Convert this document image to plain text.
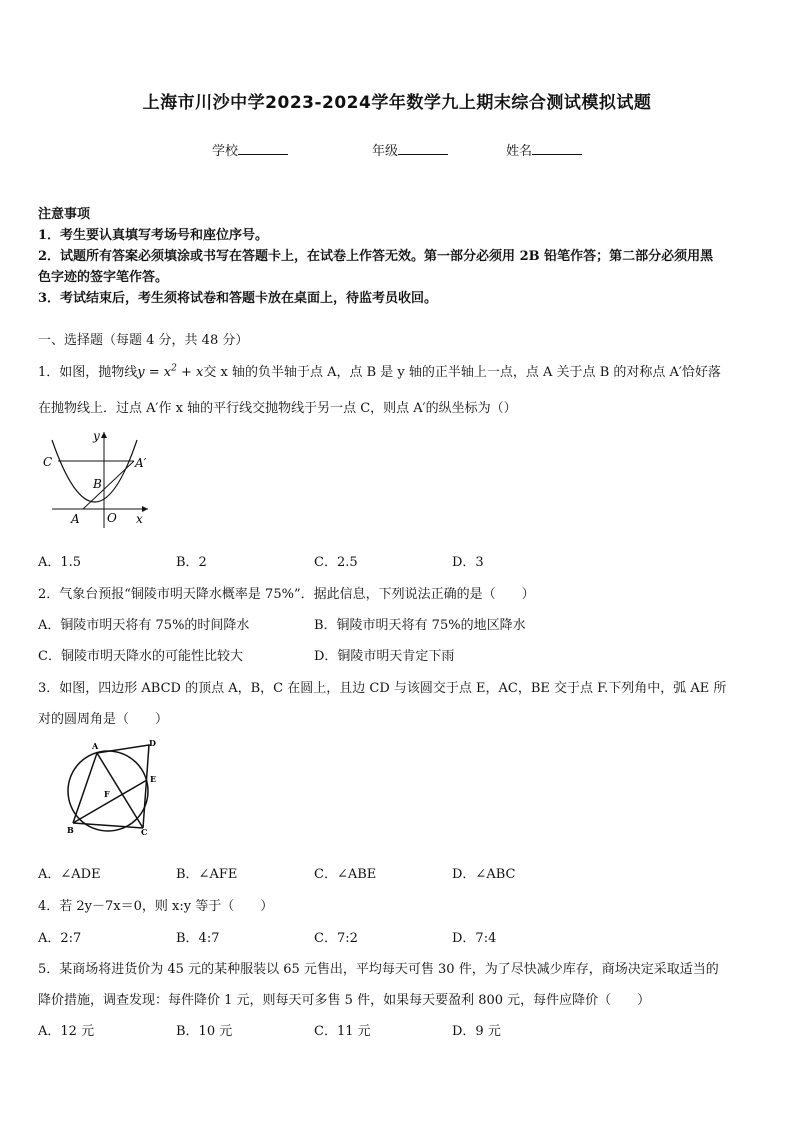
上海市川沙中学2023-2024学年数学九上期末综合测试模拟试题
学校	年级	姓名
注意事项
1．考生要认真填写考场号和座位序号。
2．试题所有答案必须填涂或书写在答题卡上，在试卷上作答无效。第一部分必须用 2B 铅笔作答；第二部分必须用黑
色字迹的签字笔作答。
3．考试结束后，考生须将试卷和答题卡放在桌面上，待监考员收回。
一、选择题（每题 4 分，共 48 分）
1．如图，抛物线$y = x^2 + x$交 x 轴的负半轴于点 A，点 B 是 y 轴的正半轴上一点，点 A 关于点 B 的对称点 A′恰好落
在抛物线上．过点 A′作 x 轴的平行线交抛物线于另一点 C，则点 A′的纵坐标为（）
y
x
C	A′
B
A O
A．1.5	B．2	C．2.5	D．3
2．气象台预报“铜陵市明天降水概率是 75%”．据此信息，下列说法正确的是（　　）
A．铜陵市明天将有 75%的时间降水	B．铜陵市明天将有 75%的地区降水
C．铜陵市明天降水的可能性比较大	D．铜陵市明天肯定下雨
3．如图，四边形 ABCD 的顶点 A，B，C 在圆上，且边 CD 与该圆交于点 E，AC，BE 交于点 F.下列角中，弧 AE 所
对的圆周角是（　　）
A	D
E
F
B	C
A．∠ADE	B．∠AFE	C．∠ABE	D．∠ABC
4．若 2y－7x＝0，则 x:y 等于（　　）
A．2:7	B．4:7	C．7:2	D．7:4
5．某商场将进货价为 45 元的某种服装以 65 元售出，平均每天可售 30 件，为了尽快减少库存，商场决定采取适当的
降价措施，调查发现：每件降价 1 元，则每天可多售 5 件，如果每天要盈利 800 元，每件应降价（　　）
A．12 元	B．10 元	C．11 元	D．9 元
